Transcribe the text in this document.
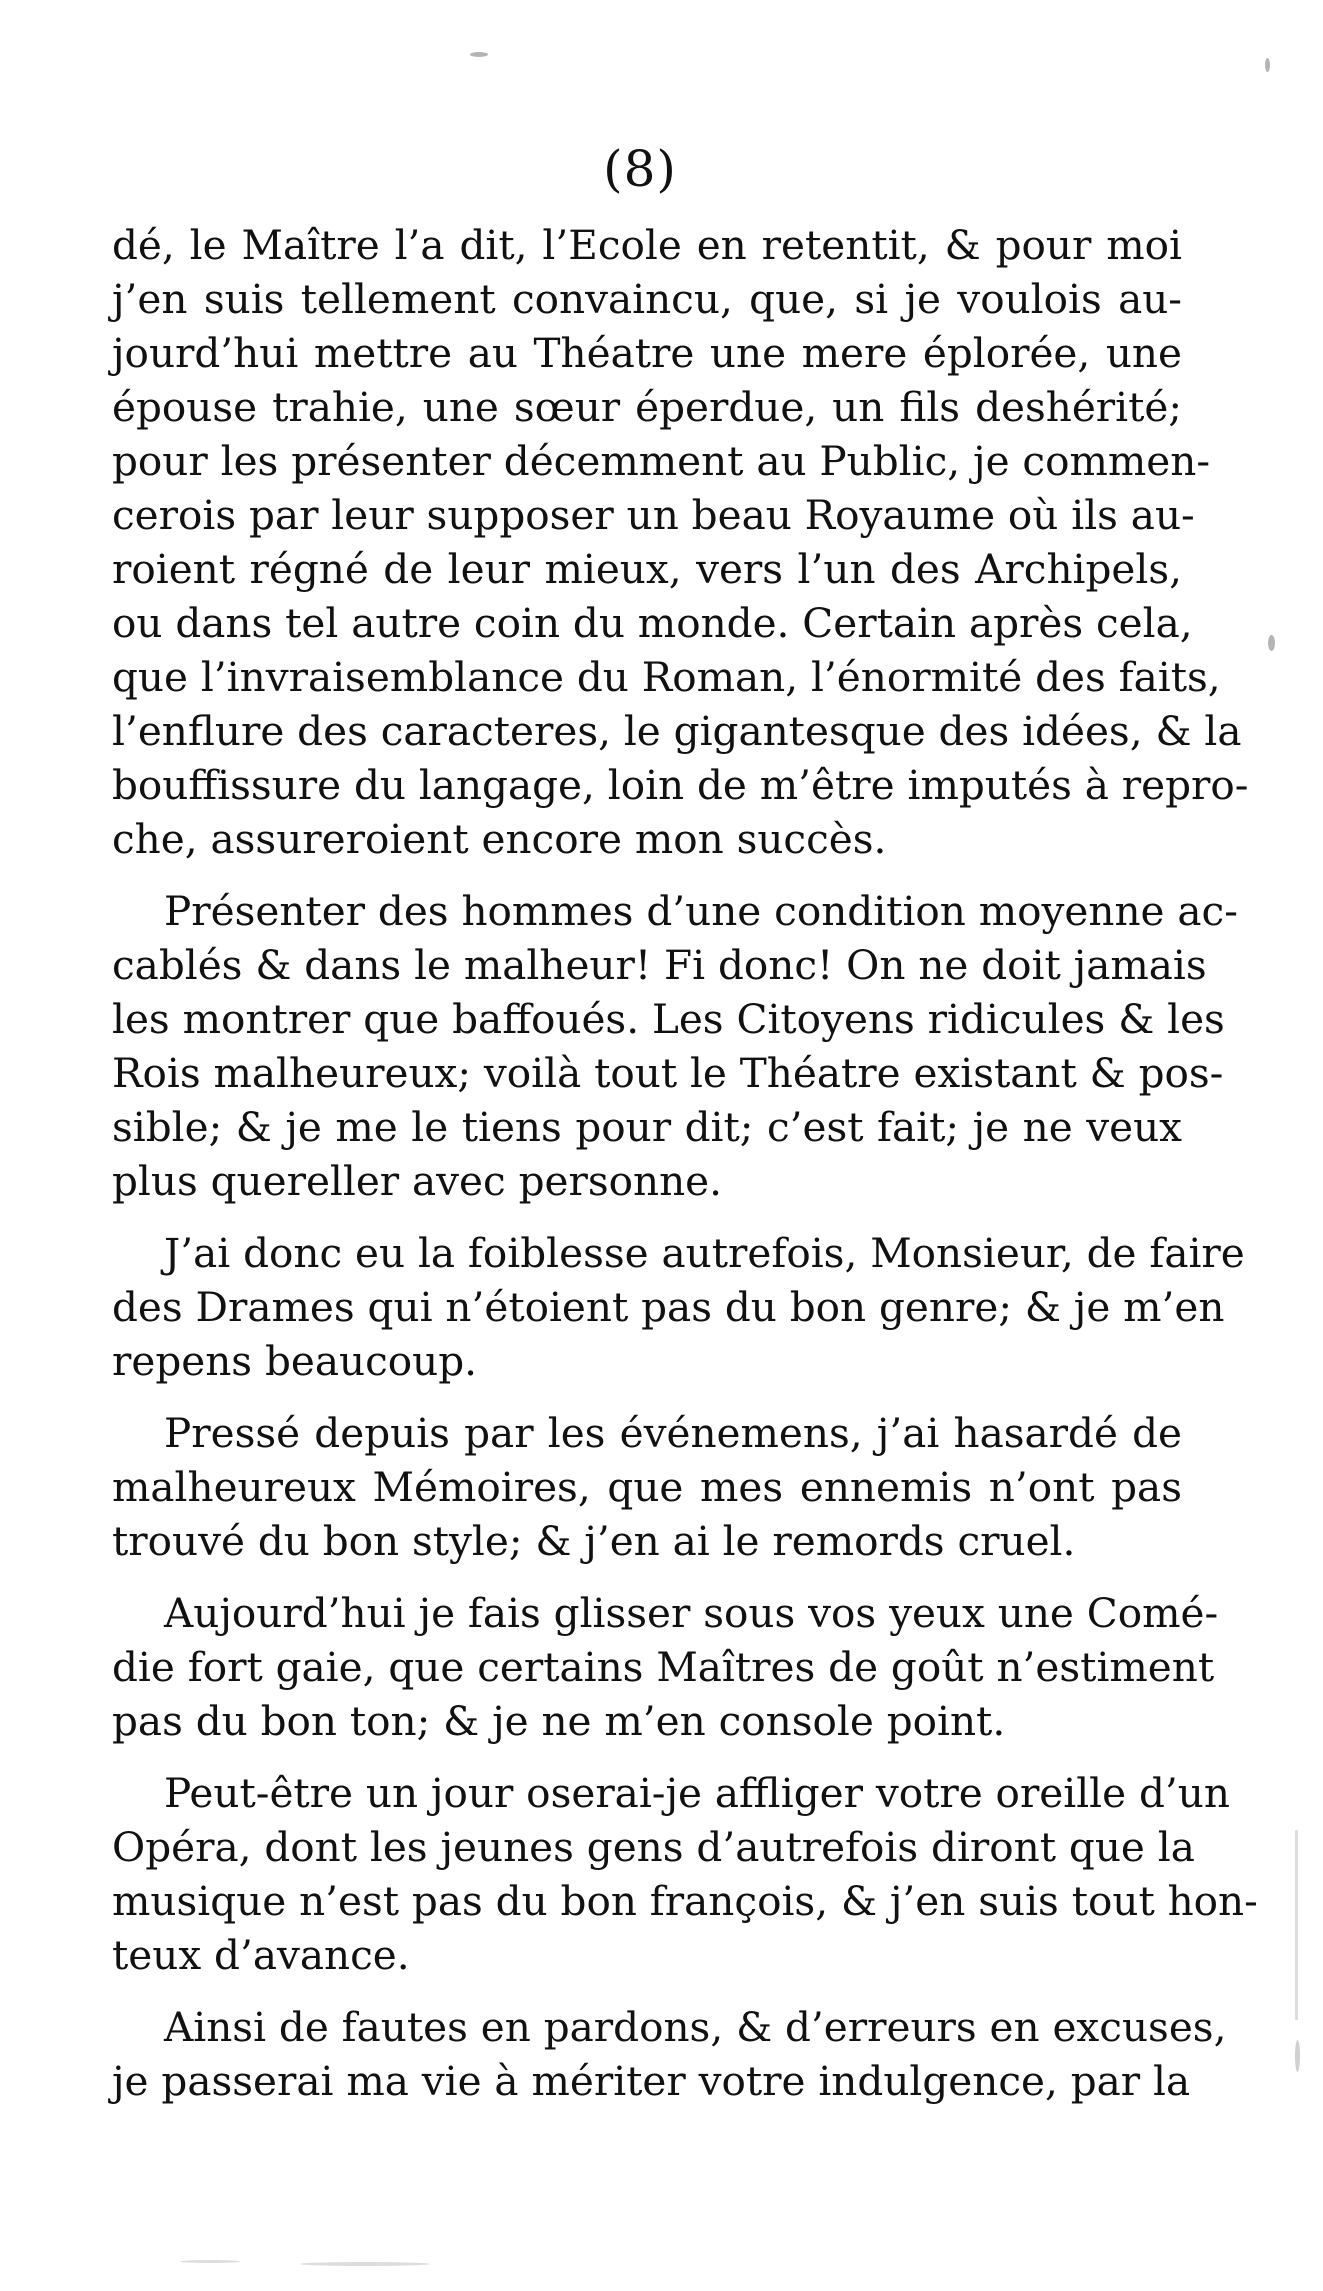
(8)

dé, le Maître l’a dit, l’Ecole en retentit, & pour moi
j’en suis tellement convaincu, que, si je voulois au-
jourd’hui mettre au Théatre une mere éplorée, une
épouse trahie, une sœur éperdue, un fils deshérité;
pour les présenter décemment au Public, je commen-
cerois par leur supposer un beau Royaume où ils au-
roient régné de leur mieux, vers l’un des Archipels,
ou dans tel autre coin du monde. Certain après cela,
que l’invraisemblance du Roman, l’énormité des faits,
l’enflure des caracteres, le gigantesque des idées, & la
bouffissure du langage, loin de m’être imputés à repro-
che, assureroient encore mon succès.

Présenter des hommes d’une condition moyenne ac-
cablés & dans le malheur! Fi donc! On ne doit jamais
les montrer que baffoués. Les Citoyens ridicules & les
Rois malheureux; voilà tout le Théatre existant & pos-
sible; & je me le tiens pour dit; c’est fait; je ne veux
plus quereller avec personne.

J’ai donc eu la foiblesse autrefois, Monsieur, de faire
des Drames qui n’étoient pas du bon genre; & je m’en
repens beaucoup.

Pressé depuis par les événemens, j’ai hasardé de
malheureux Mémoires, que mes ennemis n’ont pas
trouvé du bon style; & j’en ai le remords cruel.

Aujourd’hui je fais glisser sous vos yeux une Comé-
die fort gaie, que certains Maîtres de goût n’estiment
pas du bon ton; & je ne m’en console point.

Peut-être un jour oserai-je affliger votre oreille d’un
Opéra, dont les jeunes gens d’autrefois diront que la
musique n’est pas du bon françois, & j’en suis tout hon-
teux d’avance.

Ainsi de fautes en pardons, & d’erreurs en excuses,
je passerai ma vie à mériter votre indulgence, par la
